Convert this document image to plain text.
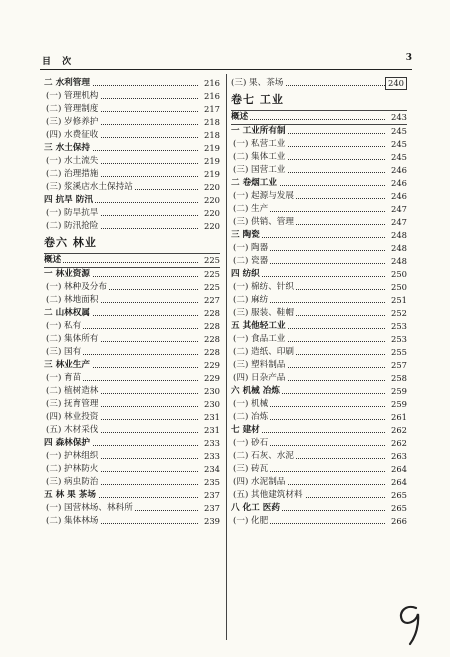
目 次	3
二 水利管理	216
(一) 管理机构	216
(二) 管理制度	217
(三) 岁修养护	218
(四) 水费征收	218
三 水土保持	219
(一) 水土流失	219
(二) 治理措施	219
(三) 浆溪店水土保持站	220
四 抗旱 防汛	220
(一) 防旱抗旱	220
(二) 防汛抢险	220
卷六 林业
概述	225
一 林业资源	225
(一) 林种及分布	225
(二) 林地面积	227
二 山林权属	228
(一) 私有	228
(二) 集体所有	228
(三) 国有	228
三 林业生产	229
(一) 育苗	229
(二) 植树造林	230
(三) 抚育管理	230
(四) 林业投资	231
(五) 木材采伐	231
四 森林保护	233
(一) 护林组织	233
(二) 护林防火	234
(三) 病虫防治	235
五 林 果 茶场	237
(一) 国营林场、林科所	237
(二) 集体林场	239
(三) 果、茶场	240
卷七 工业
概述	243
一 工业所有制	245
(一) 私营工业	245
(二) 集体工业	245
(三) 国营工业	246
二 卷烟工业	246
(一) 起源与发展	246
(二) 生产	247
(三) 供销、管理	247
三 陶瓷	248
(一) 陶器	248
(二) 瓷器	248
四 纺织	250
(一) 棉纺、针织	250
(二) 麻纺	251
(三) 服装、鞋帽	252
五 其他轻工业	253
(一) 食品工业	253
(二) 造纸、印刷	255
(三) 塑料制品	257
(四) 日杂产品	258
六 机械 冶炼	259
(一) 机械	259
(二) 冶炼	261
七 建材	262
(一) 砂石	262
(二) 石灰、水泥	263
(三) 砖瓦	264
(四) 水泥制品	264
(五) 其他建筑材料	265
八 化工 医药	265
(一) 化肥	266
